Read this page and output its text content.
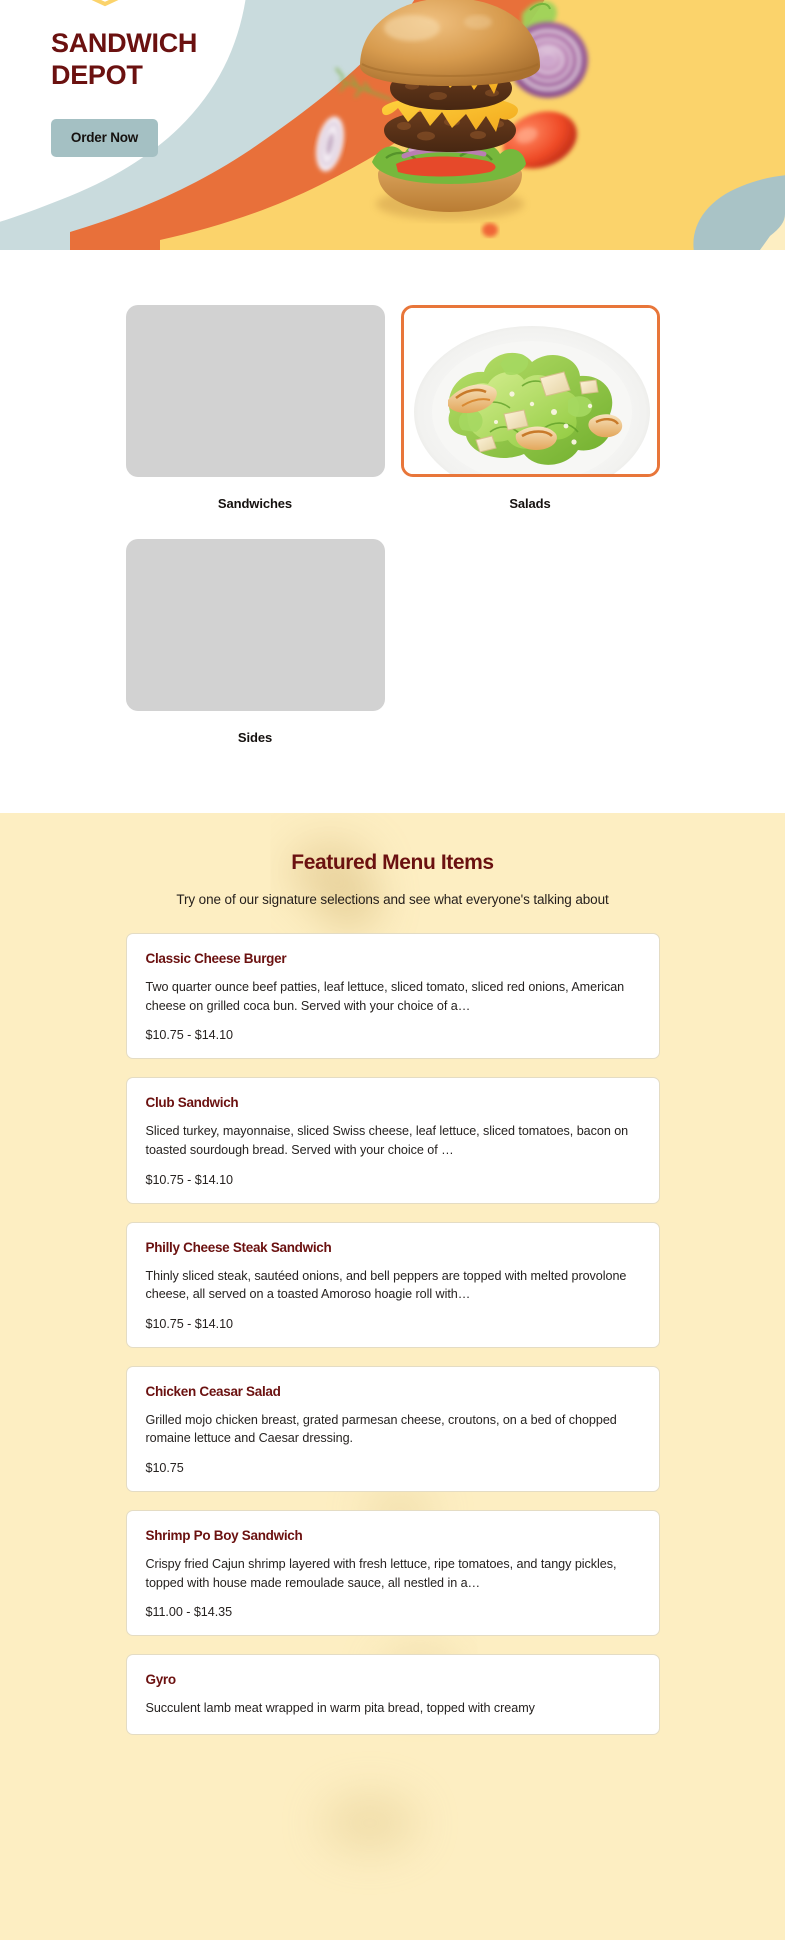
SANDWICH
DEPOT
Order Now
Sandwiches	Salads
Sides
Featured Menu Items

Try one of our signature selections and see what everyone's talking about

Classic Cheese Burger
Two quarter ounce beef patties, leaf lettuce, sliced tomato, sliced red onions, American cheese on grilled coca bun. Served with your choice of a…
$10.75 - $14.10
Club Sandwich
Sliced turkey, mayonnaise, sliced Swiss cheese, leaf lettuce, sliced tomatoes, bacon on toasted sourdough bread. Served with your choice of …
$10.75 - $14.10
Philly Cheese Steak Sandwich
Thinly sliced steak, sautéed onions, and bell peppers are topped with melted provolone cheese, all served on a toasted Amoroso hoagie roll with…
$10.75 - $14.10
Chicken Ceasar Salad
Grilled mojo chicken breast, grated parmesan cheese, croutons, on a bed of chopped romaine lettuce and Caesar dressing.
$10.75
Shrimp Po Boy Sandwich
Crispy fried Cajun shrimp layered with fresh lettuce, ripe tomatoes, and tangy pickles, topped with house made remoulade sauce, all nestled in a…
$11.00 - $14.35
Gyro
Succulent lamb meat wrapped in warm pita bread, topped with creamy
